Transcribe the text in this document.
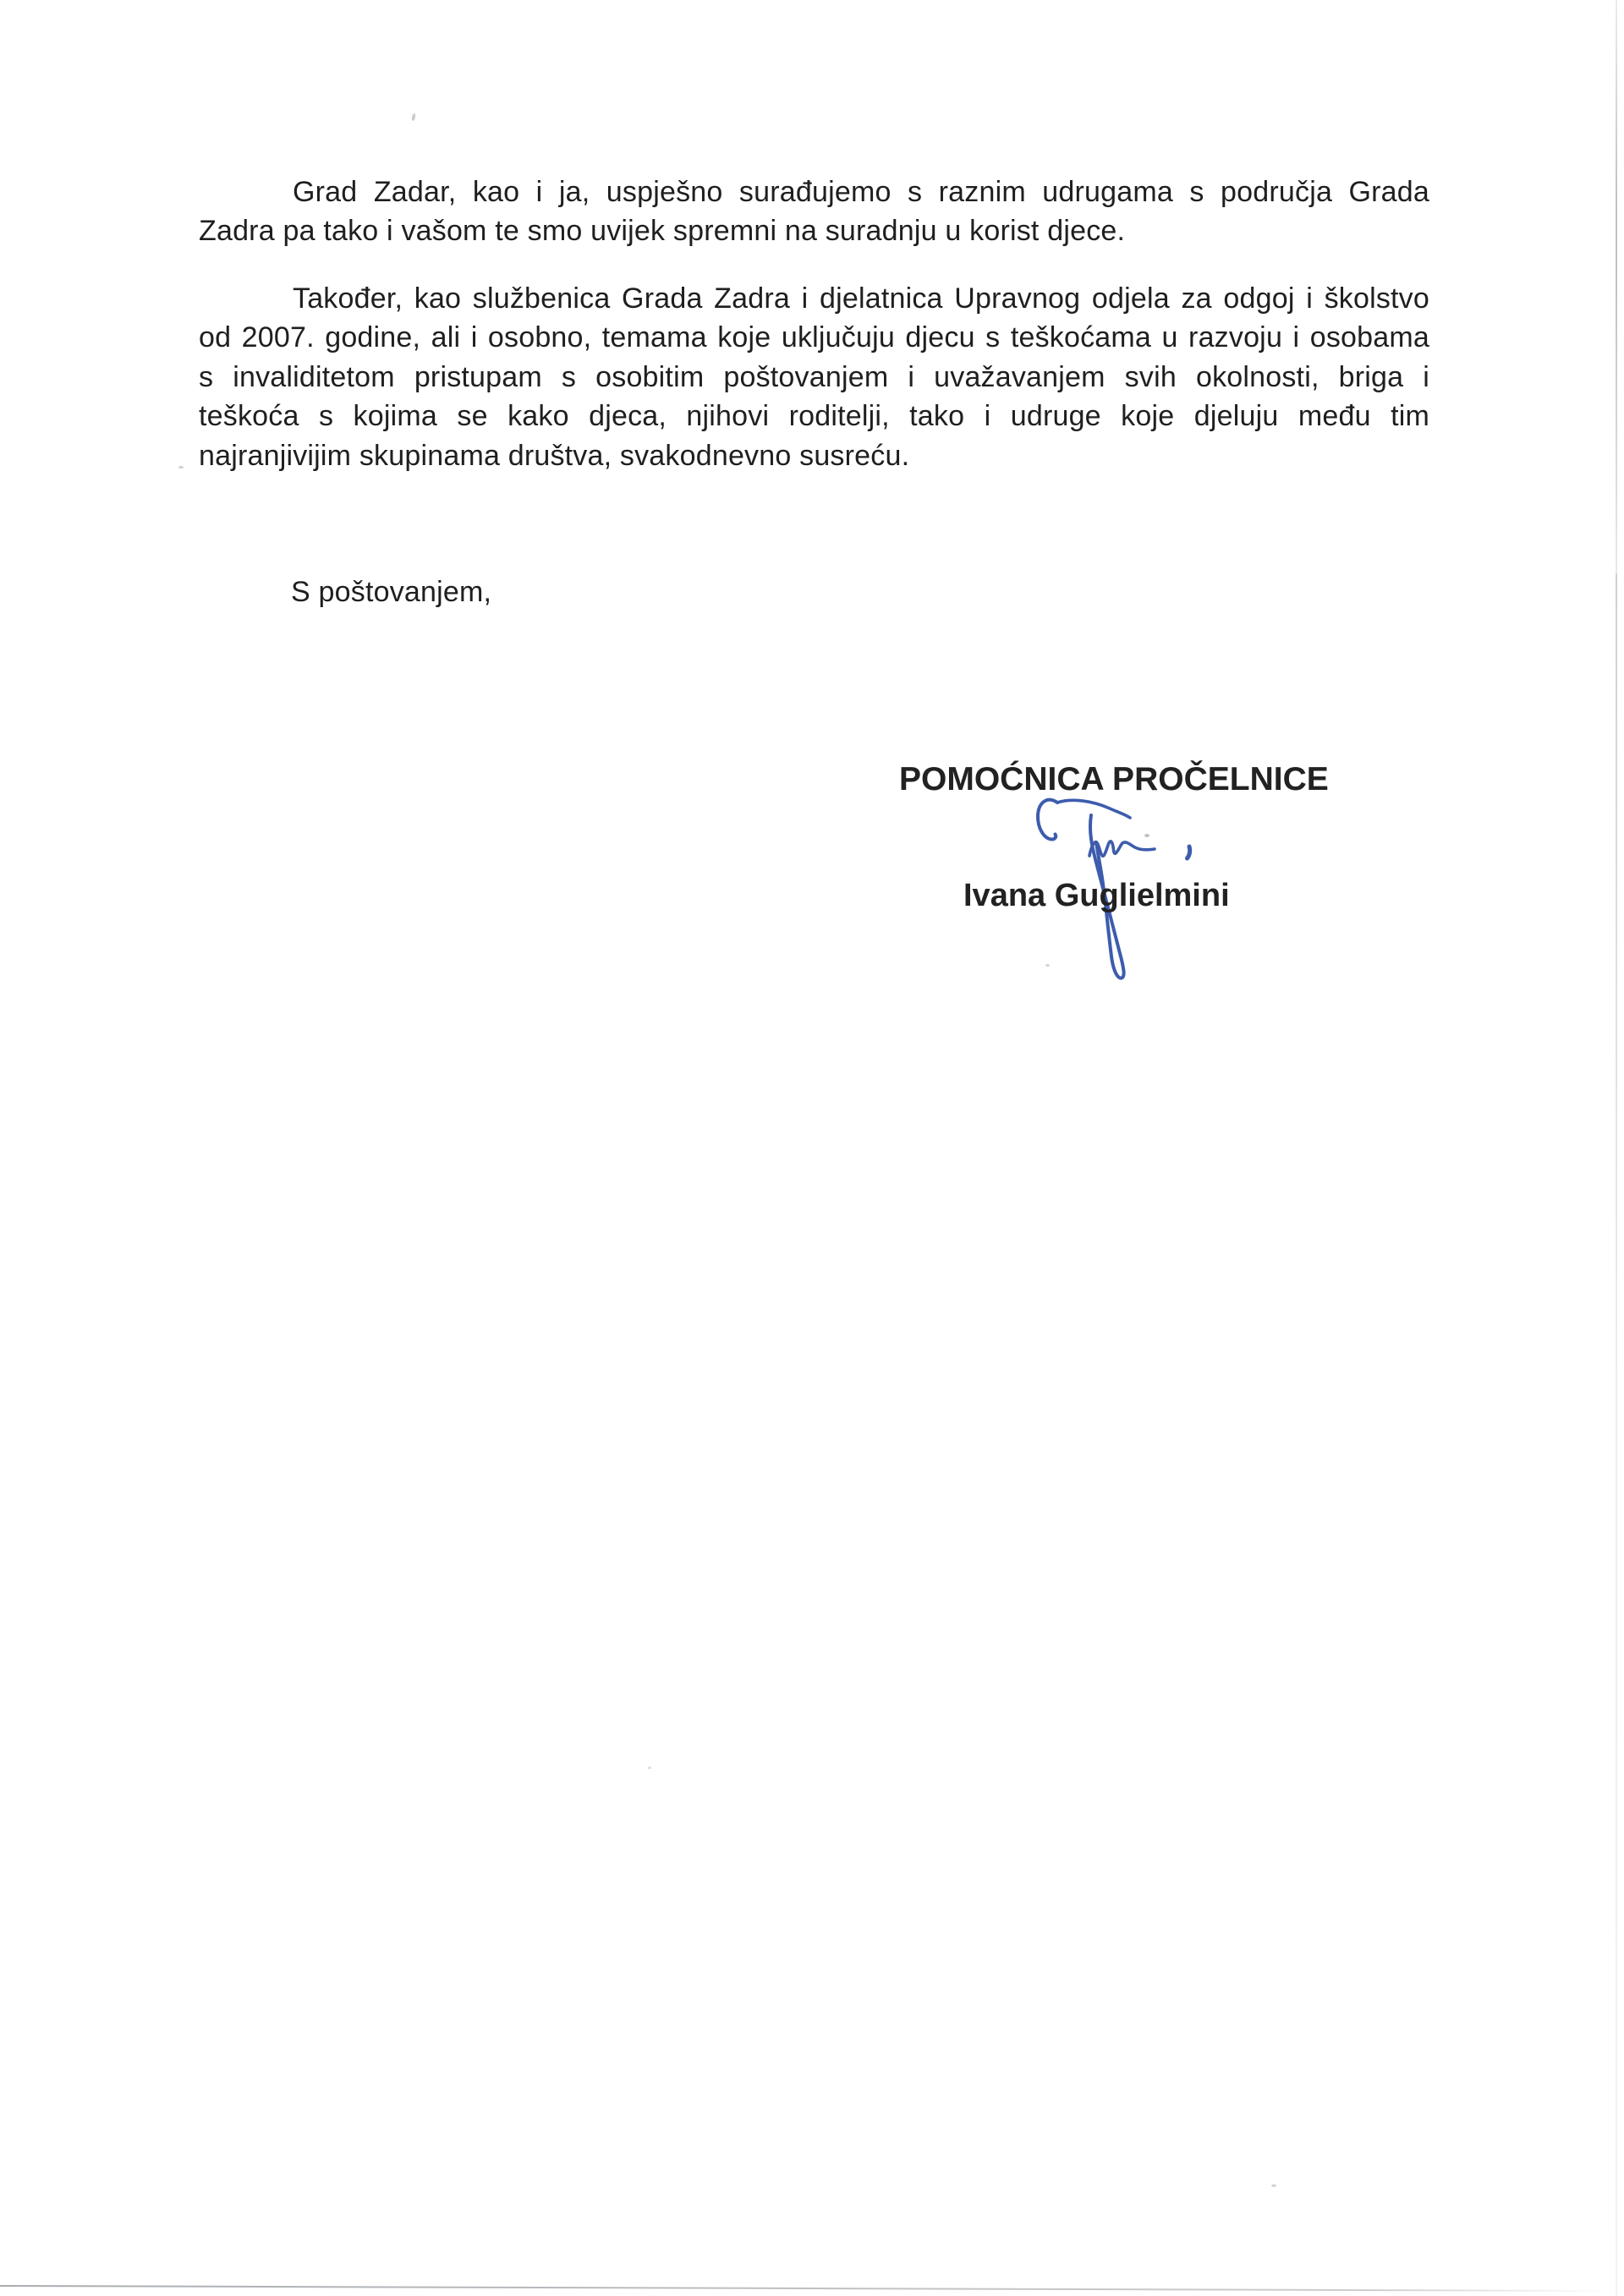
Grad Zadar, kao i ja, uspješno surađujemo s raznim udrugama s područja Grada
Zadra pa tako i vašom te smo uvijek spremni na suradnju u korist djece.
Također, kao službenica Grada Zadra i djelatnica Upravnog odjela za odgoj i školstvo
od 2007. godine, ali i osobno, temama koje uključuju djecu s teškoćama u razvoju i osobama
s invaliditetom pristupam s osobitim poštovanjem i uvažavanjem svih okolnosti, briga i
teškoća s kojima se kako djeca, njihovi roditelji, tako i udruge koje djeluju među tim
najranjivijim skupinama društva, svakodnevno susreću.
S poštovanjem,
POMOĆNICA PROČELNICE
Ivana Guglielmini
